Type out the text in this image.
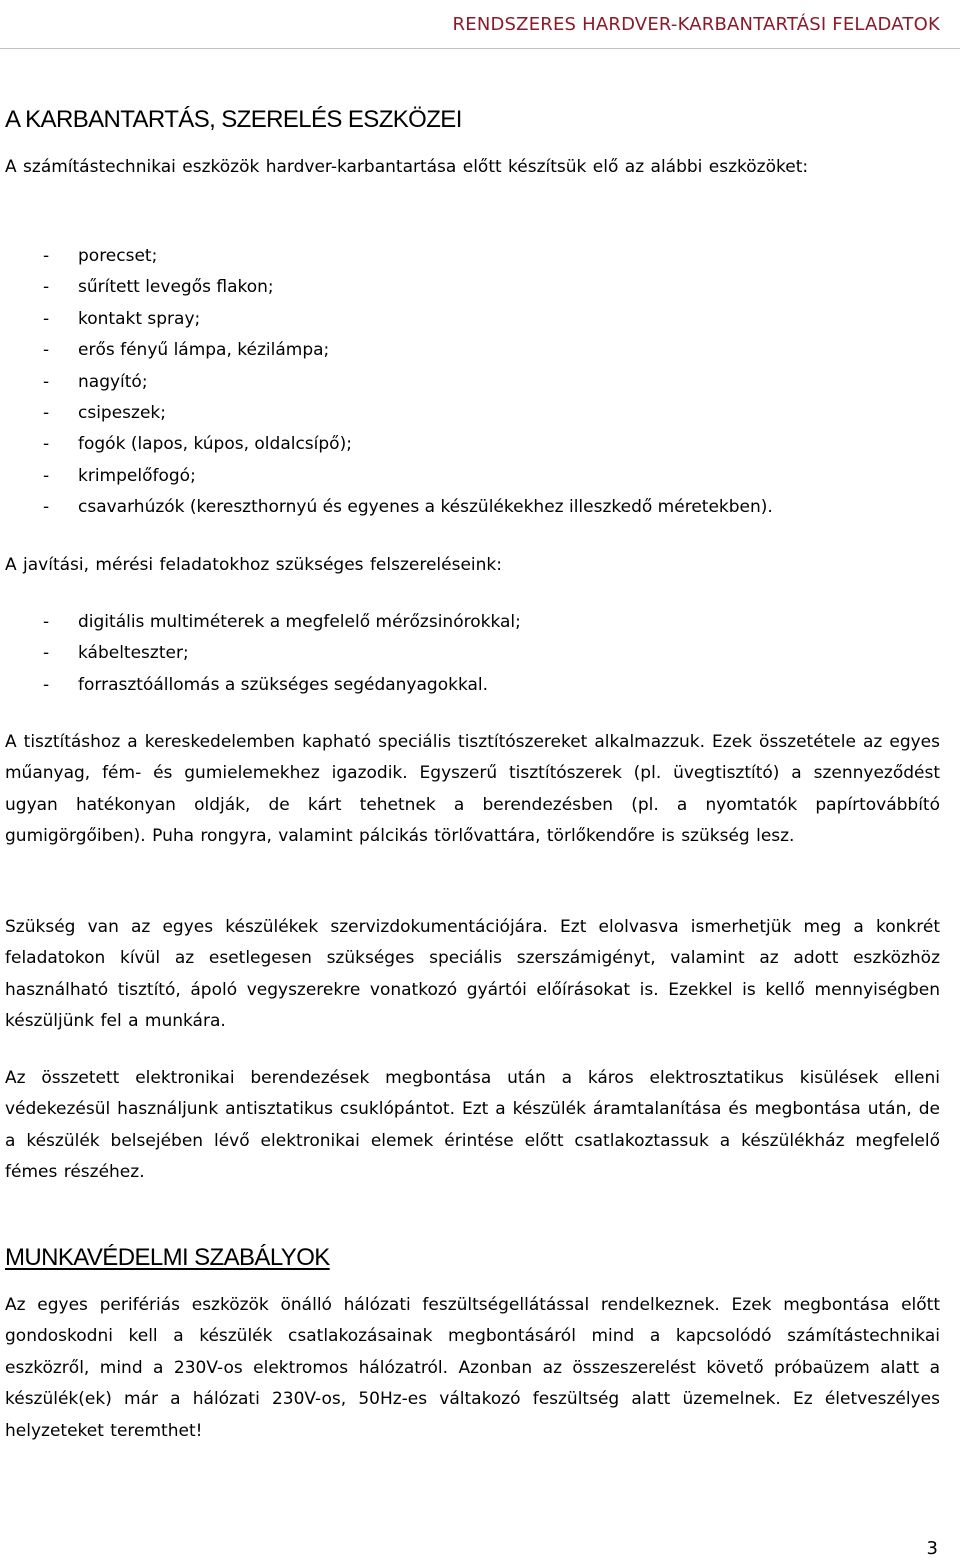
RENDSZERES HARDVER-KARBANTARTÁSI FELADATOK
A KARBANTARTÁS, SZERELÉS ESZKÖZEI

A számítástechnikai eszközök hardver-karbantartása előtt készítsük elő az alábbi eszközöket:

- porecset;
- sűrített levegős flakon;
- kontakt spray;
- erős fényű lámpa, kézilámpa;
- nagyító;
- csipeszek;
- fogók (lapos, kúpos, oldalcsípő);
- krimpelőfogó;
- csavarhúzók (kereszthornyú és egyenes a készülékekhez illeszkedő méretekben).

A javítási, mérési feladatokhoz szükséges felszereléseink:

- digitális multiméterek a megfelelő mérőzsinórokkal;
- kábelteszter;
- forrasztóállomás a szükséges segédanyagokkal.

A tisztításhoz a kereskedelemben kapható speciális tisztítószereket alkalmazzuk. Ezek összetétele az egyes műanyag, fém- és gumielemekhez igazodik. Egyszerű tisztítószerek (pl. üvegtisztító) a szennyeződést ugyan hatékonyan oldják, de kárt tehetnek a berendezésben (pl. a nyomtatók papírtovábbító gumigörgőiben). Puha rongyra, valamint pálcikás törlővattára, törlőkendőre is szükség lesz.

Szükség van az egyes készülékek szervizdokumentációjára. Ezt elolvasva ismerhetjük meg a konkrét feladatokon kívül az esetlegesen szükséges speciális szerszámigényt, valamint az adott eszközhöz használható tisztító, ápoló vegyszerekre vonatkozó gyártói előírásokat is. Ezekkel is kellő mennyiségben készüljünk fel a munkára.

Az összetett elektronikai berendezések megbontása után a káros elektrosztatikus kisülések elleni védekezésül használjunk antisztatikus csuklópántot. Ezt a készülék áramtalanítása és megbontása után, de a készülék belsejében lévő elektronikai elemek érintése előtt csatlakoztassuk a készülékház megfelelő fémes részéhez.

MUNKAVÉDELMI SZABÁLYOK

Az egyes perifériás eszközök önálló hálózati feszültségellátással rendelkeznek. Ezek megbontása előtt gondoskodni kell a készülék csatlakozásainak megbontásáról mind a kapcsolódó számítástechnikai eszközről, mind a 230V-os elektromos hálózatról. Azonban az összeszerelést követő próbaüzem alatt a készülék(ek) már a hálózati 230V-os, 50Hz-es váltakozó feszültség alatt üzemelnek. Ez életveszélyes helyzeteket teremthet!

3
